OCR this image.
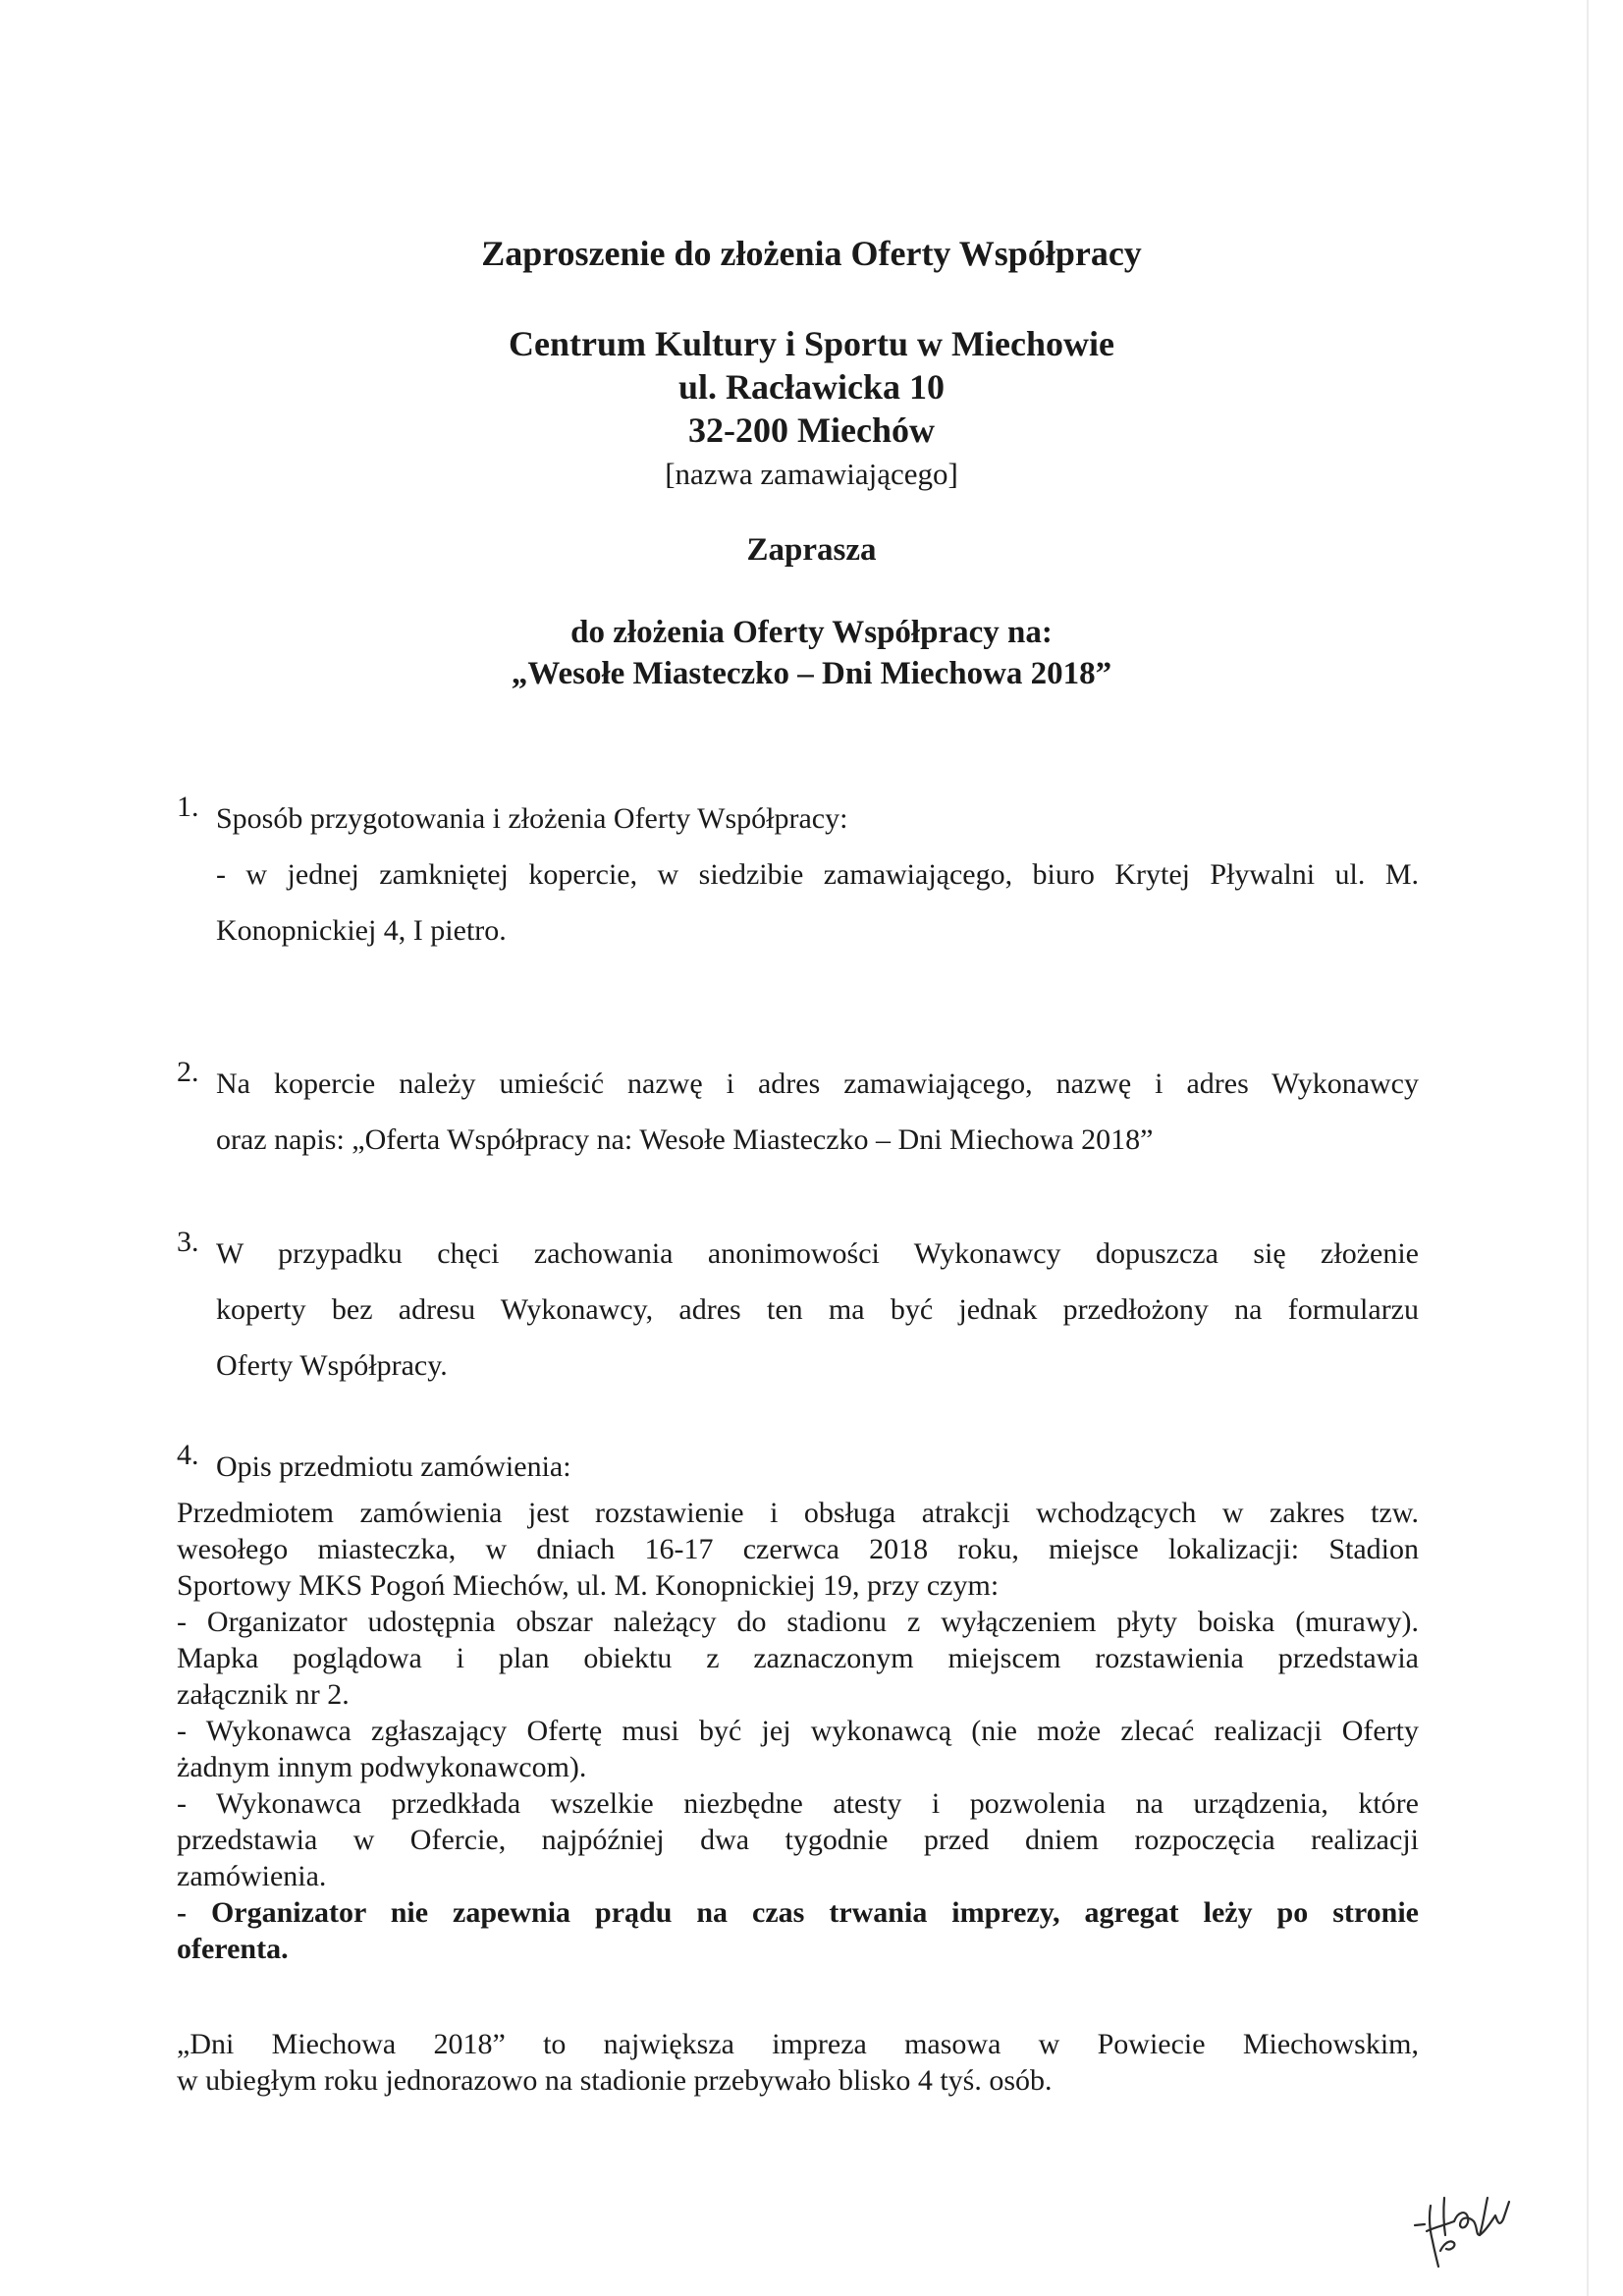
Zaproszenie do złożenia Oferty Współpracy
Centrum Kultury i Sportu w Miechowie
ul. Racławicka 10
32-200 Miechów
[nazwa zamawiającego]
Zaprasza
do złożenia Oferty Współpracy na:
„Wesołe Miasteczko – Dni Miechowa 2018”
1. Sposób przygotowania i złożenia Oferty Współpracy:
- w jednej zamkniętej kopercie, w siedzibie zamawiającego, biuro Krytej Pływalni ul. M.
Konopnickiej 4, I pietro.
2. Na kopercie należy umieścić nazwę i adres zamawiającego, nazwę i adres Wykonawcy
oraz napis: „Oferta Współpracy na: Wesołe Miasteczko – Dni Miechowa 2018”
3. W przypadku chęci zachowania anonimowości Wykonawcy dopuszcza się złożenie
koperty bez adresu Wykonawcy, adres ten ma być jednak przedłożony na formularzu
Oferty Współpracy.
4. Opis przedmiotu zamówienia:
Przedmiotem zamówienia jest rozstawienie i obsługa atrakcji wchodzących w zakres tzw.
wesołego miasteczka, w dniach 16-17 czerwca 2018 roku, miejsce lokalizacji: Stadion
Sportowy MKS Pogoń Miechów, ul. M. Konopnickiej 19, przy czym:
- Organizator udostępnia obszar należący do stadionu z wyłączeniem płyty boiska (murawy).
Mapka poglądowa i plan obiektu z zaznaczonym miejscem rozstawienia przedstawia
załącznik nr 2.
- Wykonawca zgłaszający Ofertę musi być jej wykonawcą (nie może zlecać realizacji Oferty
żadnym innym podwykonawcom).
- Wykonawca przedkłada wszelkie niezbędne atesty i pozwolenia na urządzenia, które
przedstawia w Ofercie, najpóźniej dwa tygodnie przed dniem rozpoczęcia realizacji
zamówienia.
- Organizator nie zapewnia prądu na czas trwania imprezy, agregat leży po stronie
oferenta.
„Dni Miechowa 2018” to największa impreza masowa w Powiecie Miechowskim,
w ubiegłym roku jednorazowo na stadionie przebywało blisko 4 tyś. osób.
